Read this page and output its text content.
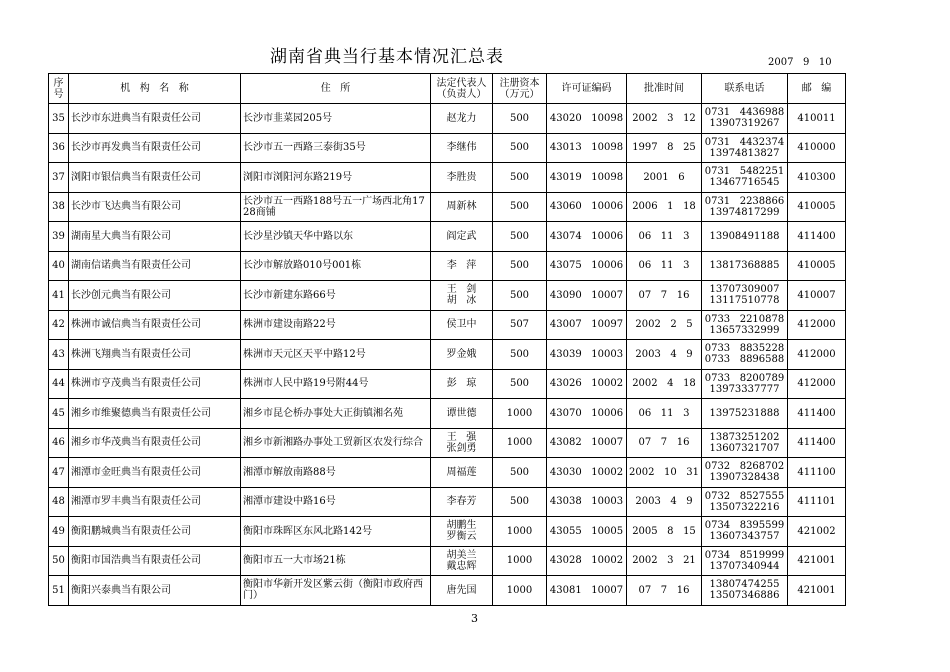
湖南省典当行基本情况汇总表	2007   9   10
序号	机   构   名   称	住   所	法定代表人（负责人）	注册资本（万元）	许可证编码	批准时间	联系电话	邮   编
35	长沙市东进典当有限责任公司	长沙市韭菜园205号	赵龙力	500	43020   10098	2002   3   12	0731   4436988
13907319267	410011
36	长沙市再发典当有限责任公司	长沙市五一西路三泰街35号	李继伟	500	43013   10098	1997   8   25	0731   4432374
13974813827	410000
37	浏阳市银信典当有限责任公司	浏阳市浏阳河东路219号	李胜贵	500	43019   10098	2001   6	0731   5482251
13467716545	410300
38	长沙市飞达典当有限公司	长沙市五一西路188号五一广场西北角1728商铺	周新林	500	43060   10006	2006   1   18	0731   2238866
13974817299	410005
39	湖南星大典当有限公司	长沙星沙镇天华中路以东	阎定武	500	43074   10006	06   11   3	13908491188	411400
40	湖南信诺典当有限责任公司	长沙市解放路010号001栋	李   萍	500	43075   10006	06   11   3	13817368885	410005
41	长沙创元典当有限公司	长沙市新建东路66号	王   剑
胡   冰	500	43090   10007	07   7   16	13707309007
13117510778	410007
42	株洲市诚信典当有限责任公司	株洲市建设南路22号	侯卫中	507	43007   10097	2002   2   5	0733   2210878
13657332999	412000
43	株洲飞翔典当有限责任公司	株洲市天元区天平中路12号	罗金娥	500	43039   10003	2003   4   9	0733   8835228
0733   8896588	412000
44	株洲市亨茂典当有限责任公司	株洲市人民中路19号附44号	彭   琼	500	43026   10002	2002   4   18	0733   8200789
13973337777	412000
45	湘乡市维聚德典当有限责任公司	湘乡市昆仑桥办事处大正街镇湘名苑	谭世德	1000	43070   10006	06   11   3	13975231888	411400
46	湘乡市华茂典当有限责任公司	湘乡市新湘路办事处工贸新区农发行综合	王   强
张剑勇	1000	43082   10007	07   7   16	13873251202
13607321707	411400
47	湘潭市金旺典当有限责任公司	湘潭市解放南路88号	周福莲	500	43030   10002	2002   10   31	0732   8268702
13907328438	411100
48	湘潭市罗丰典当有限责任公司	湘潭市建设中路16号	李春芳	500	43038   10003	2003   4   9	0732   8527555
13507322216	411101
49	衡阳鹏城典当有限责任公司	衡阳市珠晖区东风北路142号	胡鹏生
罗衡云	1000	43055   10005	2005   8   15	0734   8395599
13607343757	421002
50	衡阳市国浩典当有限责任公司	衡阳市五一大市场21栋	胡美兰
戴忠辉	1000	43028   10002	2002   3   21	0734   8519999
13707340944	421001
51	衡阳兴泰典当有限公司	衡阳市华新开发区紫云街（衡阳市政府西门）	唐先国	1000	43081   10007	07   7   16	13807474255
13507346886	421001
3
